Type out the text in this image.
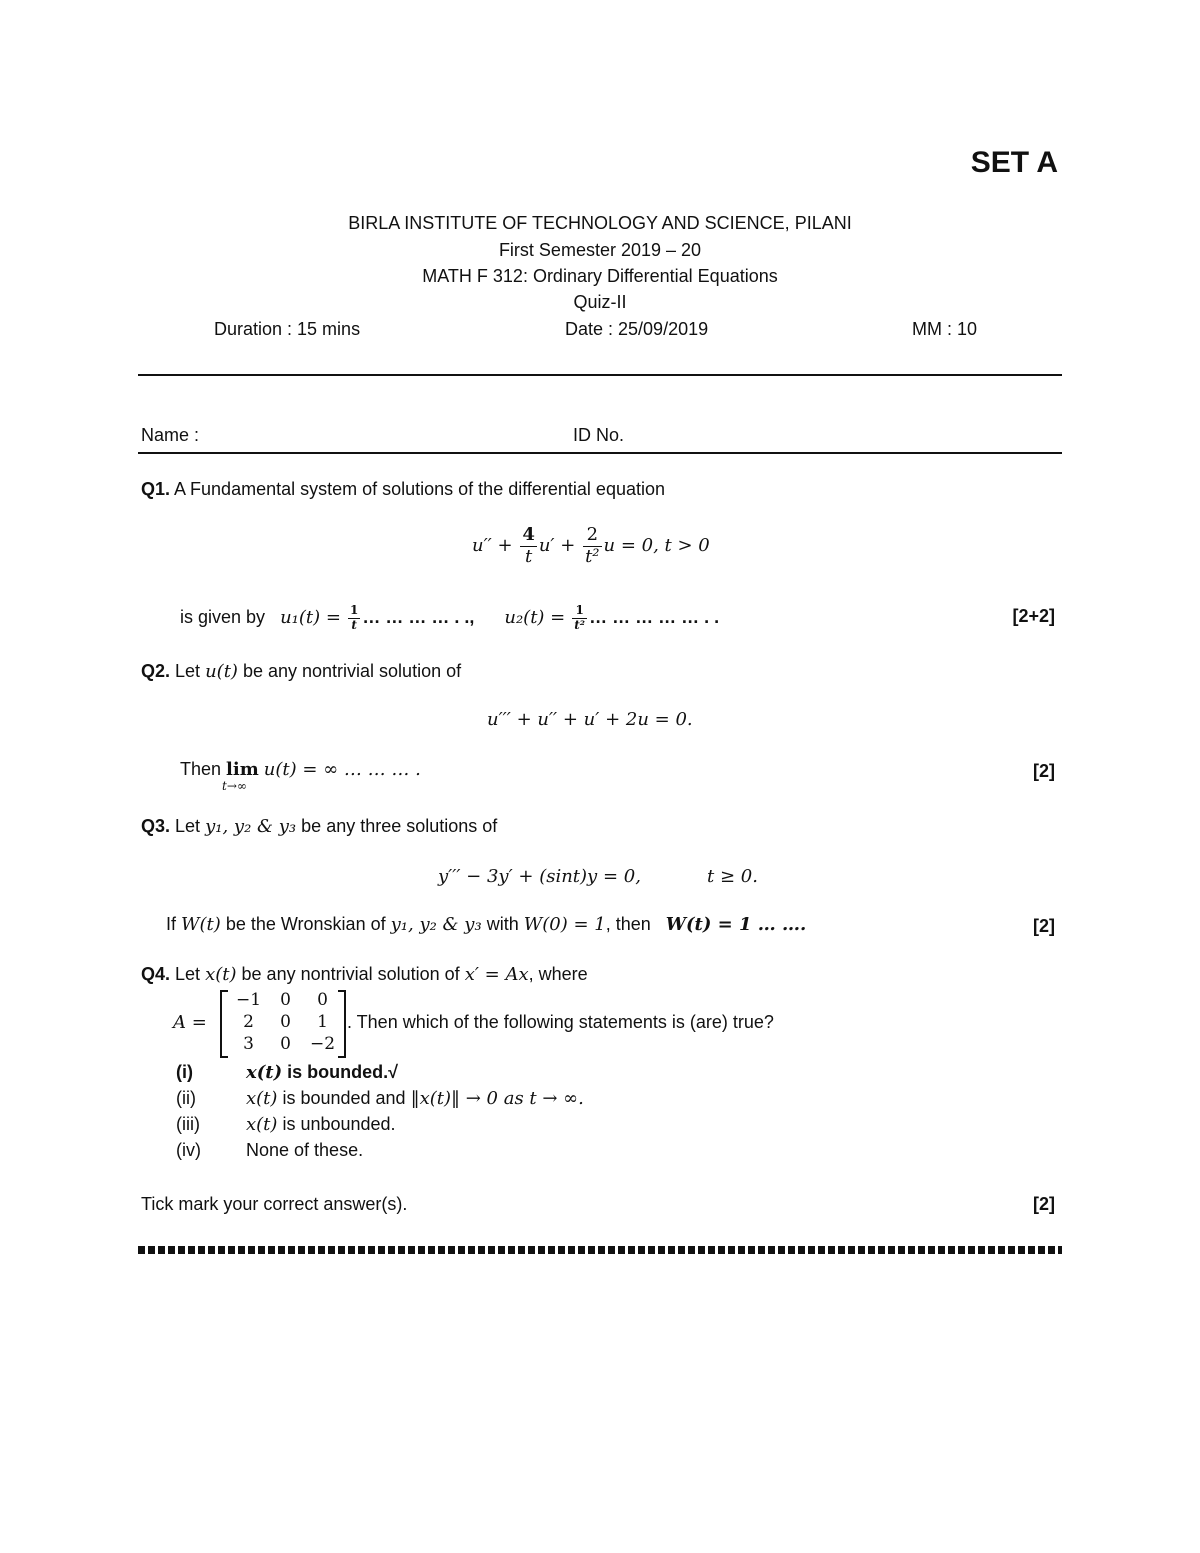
SET A
BIRLA INSTITUTE OF TECHNOLOGY AND SCIENCE, PILANI
First Semester 2019 – 20
MATH F 312: Ordinary Differential Equations
Quiz-II
Duration : 15 mins	Date : 25/09/2019	MM : 10
Name :	ID No.
Q1. A Fundamental system of solutions of the differential equation
$u'' + \frac{4}{t} u' + \frac{2}{\text{t²}}$ u = 0, t > 0
is given by $u_1(t) = \frac{1}{t}$ … … … … . ., $u_2(t) = \frac{1}{\text{t²}}$ … … … … … . .	[2+2]
Q2. Let u(t) be any nontrivial solution of
u′′′ + u′′ + u′ + 2u = 0.
Then lim
t→∞
u(t) = ∞ … … … .	[2]
Q3. Let y₁, y₂ & y₃ be any three solutions of
y′′′ − 3y′ + (sint)y = 0,	t ≥ 0.
If W(t) be the Wronskian of y₁, y₂ & y₃ with W(0) = 1, then W(t) = 1 … ….	[2]
Q4. Let x(t) be any nontrivial solution of x′ = Ax, where
A =
−1	0	0
2	0	1
3	0	−2
. Then which of the following statements is (are) true?
(i)	x(t) is bounded.√
(ii)	x(t) is bounded and ‖x(t)‖ → 0 as t → ∞.
(iii)	x(t) is unbounded.
(iv)	None of these.
Tick mark your correct answer(s).	[2]
